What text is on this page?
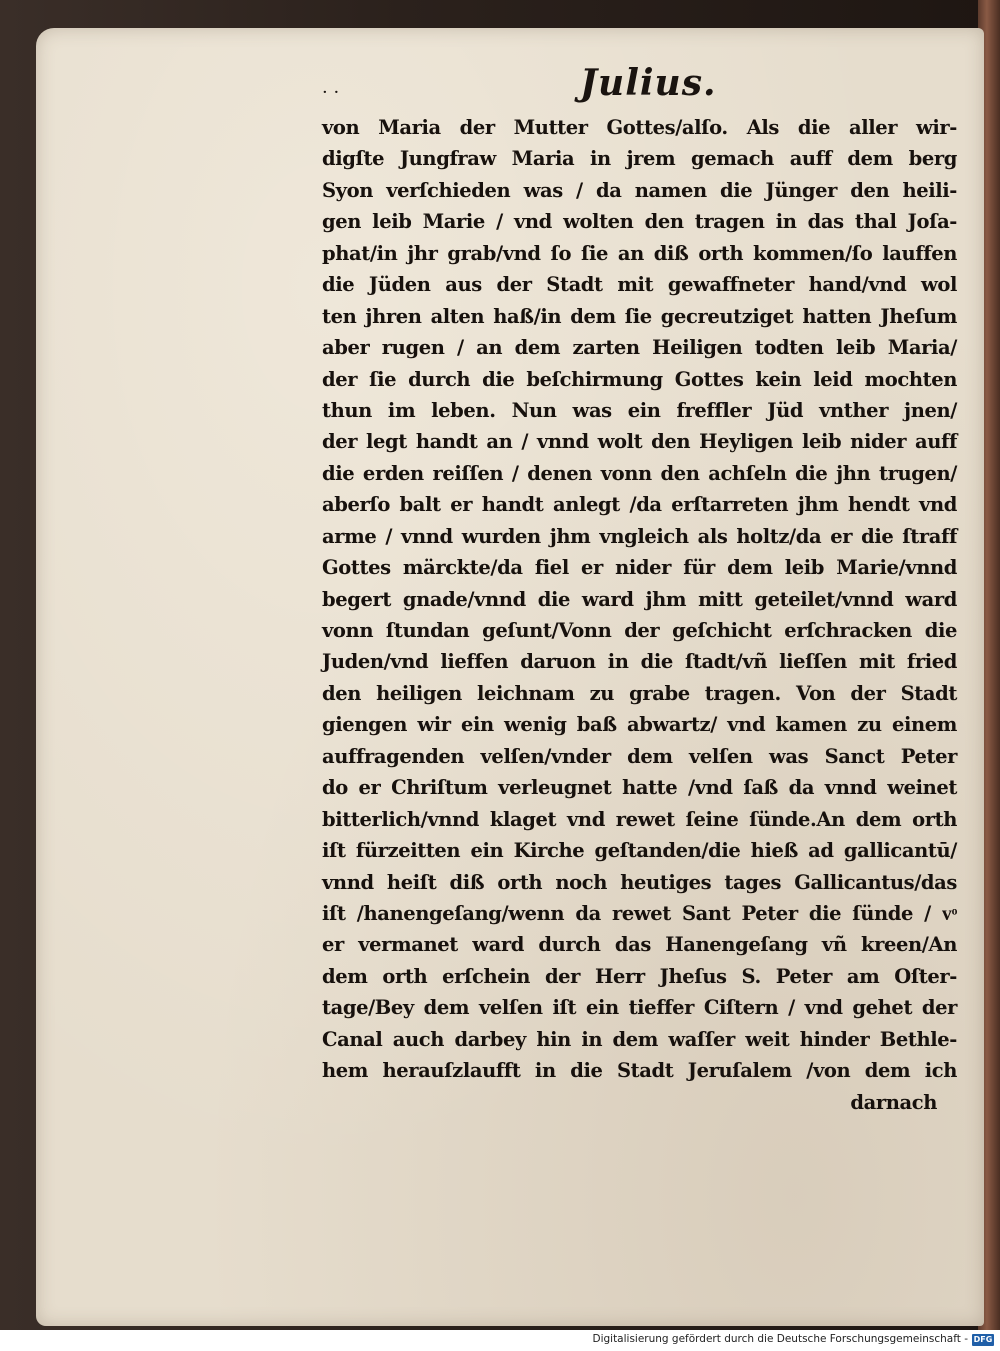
· ·	Julius.
von Maria der Mutter Gottes/alſo. Als die aller wir-
digſte Jungfraw Maria in jrem gemach auff dem berg
Syon verſchieden was / da namen die Jünger den heili-
gen leib Marie / vnd wolten den tragen in das thal Joſa-
phat/in jhr grab/vnd ſo ſie an diß orth kommen/ſo lauffen
die Jüden aus der Stadt mit gewaffneter hand/vnd wol
ten jhren alten haß/in dem ſie gecreutziget hatten Jheſum
aber rugen / an dem zarten Heiligen todten leib Maria/
der ſie durch die beſchirmung Gottes kein leid mochten
thun im leben. Nun was ein freffler Jüd vnther jnen/
der legt handt an / vnnd wolt den Heyligen leib nider auff
die erden reiſſen / denen vonn den achſeln die jhn trugen/
aberſo balt er handt anlegt /da erſtarreten jhm hendt vnd
arme / vnnd wurden jhm vngleich als holtz/da er die ſtraff
Gottes märckte/da fiel er nider für dem leib Marie/vnnd
begert gnade/vnnd die ward jhm mitt geteilet/vnnd ward
vonn ſtundan geſunt/Vonn der geſchicht erſchracken die
Juden/vnd lieffen daruon in die ſtadt/vñ lieſſen mit fried
den heiligen leichnam zu grabe tragen. Von der Stadt
giengen wir ein wenig baß abwartz/ vnd kamen zu einem
auffragenden velſen/vnder dem velſen was Sanct Peter
do er Chriſtum verleugnet hatte /vnd ſaß da vnnd weinet
bitterlich/vnnd klaget vnd rewet ſeine ſünde.An dem orth
iſt fürzeitten ein Kirche geſtanden/die hieß ad gallicantū/
vnnd heiſt diß orth noch heutiges tages Gallicantus/das
iſt /hanengeſang/wenn da rewet Sant Peter die ſünde / vͦ
er vermanet ward durch das Hanengeſang vñ kreen/An
dem orth erſchein der Herr Jheſus S. Peter am Oſter-
tage/Bey dem velſen iſt ein tieffer Ciſtern / vnd gehet der
Canal auch darbey hin in dem waſſer weit hinder Bethle-
hem herauſzlaufft in die Stadt Jeruſalem /von dem ich
darnach
Digitalisierung gefördert durch die Deutsche Forschungsgemeinschaft - DFG
